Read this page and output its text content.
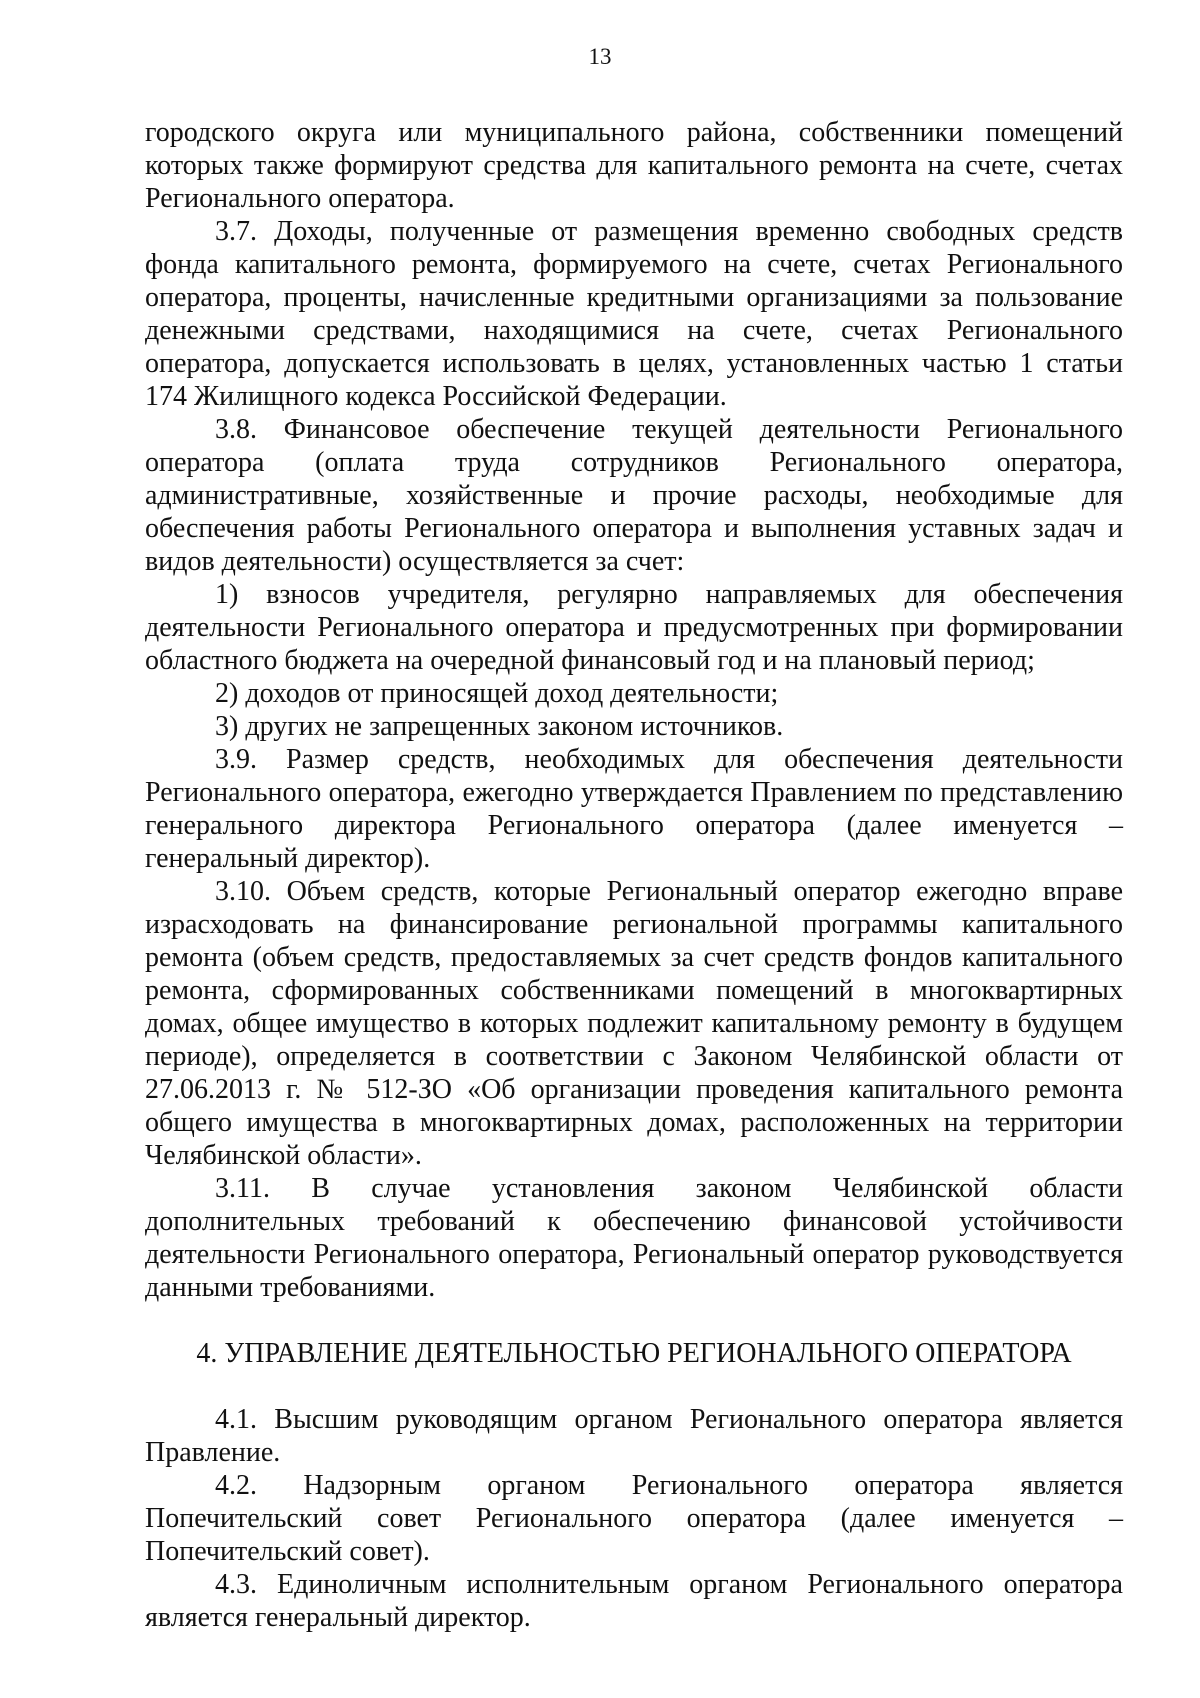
13

городского округа или муниципального района, собственники помещений которых также формируют средства для капитального ремонта на счете, счетах Регионального оператора.

3.7. Доходы, полученные от размещения временно свободных средств фонда капитального ремонта, формируемого на счете, счетах Регионального оператора, проценты, начисленные кредитными организациями за пользование денежными средствами, находящимися на счете, счетах Регионального оператора, допускается использовать в целях, установленных частью 1 статьи 174 Жилищного кодекса Российской Федерации.

3.8. Финансовое обеспечение текущей деятельности Регионального оператора (оплата труда сотрудников Регионального оператора, административные, хозяйственные и прочие расходы, необходимые для обеспечения работы Регионального оператора и выполнения уставных задач и видов деятельности) осуществляется за счет:

1) взносов учредителя, регулярно направляемых для обеспечения деятельности Регионального оператора и предусмотренных при формировании областного бюджета на очередной финансовый год и на плановый период;

2) доходов от приносящей доход деятельности;

3) других не запрещенных законом источников.

3.9. Размер средств, необходимых для обеспечения деятельности Регионального оператора, ежегодно утверждается Правлением по представлению генерального директора Регионального оператора (далее именуется – генеральный директор).

3.10. Объем средств, которые Региональный оператор ежегодно вправе израсходовать на финансирование региональной программы капитального ремонта (объем средств, предоставляемых за счет средств фондов капитального ремонта, сформированных собственниками помещений в многоквартирных домах, общее имущество в которых подлежит капитальному ремонту в будущем периоде), определяется в соответствии с Законом Челябинской области от 27.06.2013 г. № 512-ЗО «Об организации проведения капитального ремонта общего имущества в многоквартирных домах, расположенных на территории Челябинской области».

3.11. В случае установления законом Челябинской области дополнительных требований к обеспечению финансовой устойчивости деятельности Регионального оператора, Региональный оператор руководствуется данными требованиями.

4. УПРАВЛЕНИЕ ДЕЯТЕЛЬНОСТЬЮ РЕГИОНАЛЬНОГО ОПЕРАТОРА

4.1. Высшим руководящим органом Регионального оператора является Правление.

4.2. Надзорным органом Регионального оператора является Попечительский совет Регионального оператора (далее именуется – Попечительский совет).

4.3. Единоличным исполнительным органом Регионального оператора является генеральный директор.
